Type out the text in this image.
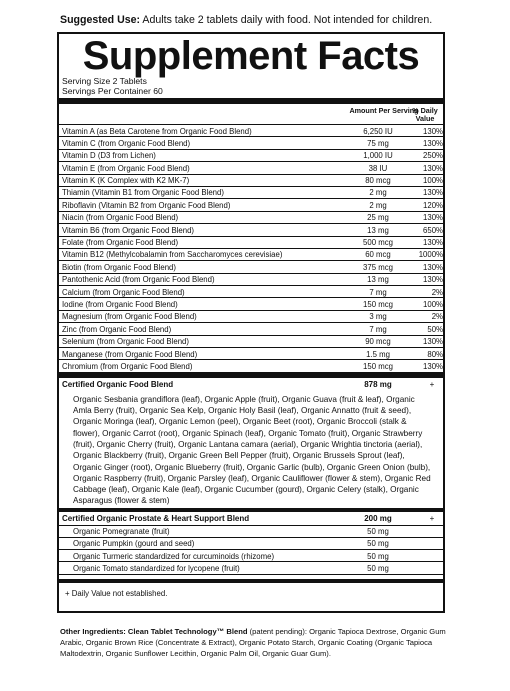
Suggested Use: Adults take 2 tablets daily with food. Not intended for children.
Supplement Facts
Serving Size 2 Tablets
Servings Per Container 60
Amount Per Serving
% Daily Value
Vitamin A (as Beta Carotene from Organic Food Blend)	6,250 IU	130%
Vitamin C (from Organic Food Blend)	75 mg	130%
Vitamin D (D3 from Lichen)	1,000 IU	250%
Vitamin E (from Organic Food Blend)	38 IU	130%
Vitamin K (K Complex with K2 MK-7)	80 mcg	100%
Thiamin (Vitamin B1 from Organic Food Blend)	2 mg	130%
Riboflavin (Vitamin B2 from Organic Food Blend)	2 mg	120%
Niacin (from Organic Food Blend)	25 mg	130%
Vitamin B6 (from Organic Food Blend)	13 mg	650%
Folate (from Organic Food Blend)	500 mcg	130%
Vitamin B12 (Methylcobalamin from Saccharomyces cerevisiae)	60 mcg	1000%
Biotin (from Organic Food Blend)	375 mcg	130%
Pantothenic Acid (from Organic Food Blend)	13 mg	130%
Calcium (from Organic Food Blend)	7 mg	2%
Iodine (from Organic Food Blend)	150 mcg	100%
Magnesium (from Organic Food Blend)	3 mg	2%
Zinc (from Organic Food Blend)	7 mg	50%
Selenium (from Organic Food Blend)	90 mcg	130%
Manganese (from Organic Food Blend)	1.5 mg	80%
Chromium (from Organic Food Blend)	150 mcg	130%
Certified Organic Food Blend	878 mg	+
Organic Sesbania grandiflora (leaf), Organic Apple (fruit), Organic Guava (fruit & leaf), Organic Amla Berry (fruit), Organic Sea Kelp, Organic Holy Basil (leaf), Organic Annatto (fruit & seed), Organic Moringa (leaf), Organic Lemon (peel), Organic Beet (root), Organic Broccoli (stalk & flower), Organic Carrot (root), Organic Spinach (leaf), Organic Tomato (fruit), Organic Strawberry (fruit), Organic Cherry (fruit), Organic Lantana camara (aerial), Organic Wrightia tinctoria (aerial), Organic Blackberry (fruit), Organic Green Bell Pepper (fruit), Organic Brussels Sprout (leaf), Organic Ginger (root), Organic Blueberry (fruit), Organic Garlic (bulb), Organic Green Onion (bulb), Organic Raspberry (fruit), Organic Parsley (leaf), Organic Cauliflower (flower & stem), Organic Red Cabbage (leaf), Organic Kale (leaf), Organic Cucumber (gourd), Organic Celery (stalk), Organic Asparagus (flower & stem)
Certified Organic Prostate & Heart Support Blend	200 mg	+
Organic Pomegranate (fruit)	50 mg
Organic Pumpkin (gourd and seed)	50 mg
Organic Turmeric standardized for curcuminoids (rhizome)	50 mg
Organic Tomato standardized for lycopene (fruit)	50 mg
+ Daily Value not established.
Other Ingredients: Clean Tablet Technology™ Blend (patent pending): Organic Tapioca Dextrose, Organic Gum Arabic, Organic Brown Rice (Concentrate & Extract), Organic Potato Starch, Organic Coating (Organic Tapioca Maltodextrin, Organic Sunflower Lecithin, Organic Palm Oil, Organic Guar Gum).
